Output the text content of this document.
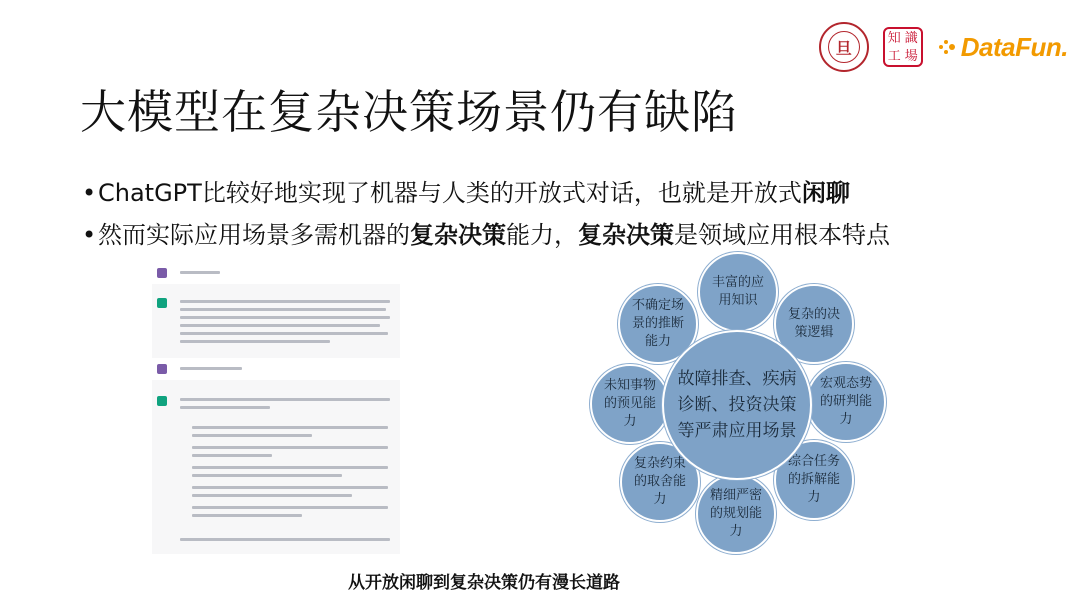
旦	知 識
工 場 DataFun.
大模型在复杂决策场景仍有缺陷
•ChatGPT比较好地实现了机器与人类的开放式对话，也就是开放式闲聊
•然而实际应用场景多需机器的复杂决策能力，复杂决策是领域应用根本特点
丰富的应用知识
复杂的决策逻辑
宏观态势的研判能力
综合任务的拆解能力
精细严密的规划能力
复杂约束的取舍能力
未知事物的预见能力
不确定场景的推断能力
故障排查、疾病诊断、投资决策等严肃应用场景
从开放闲聊到复杂决策仍有漫长道路
